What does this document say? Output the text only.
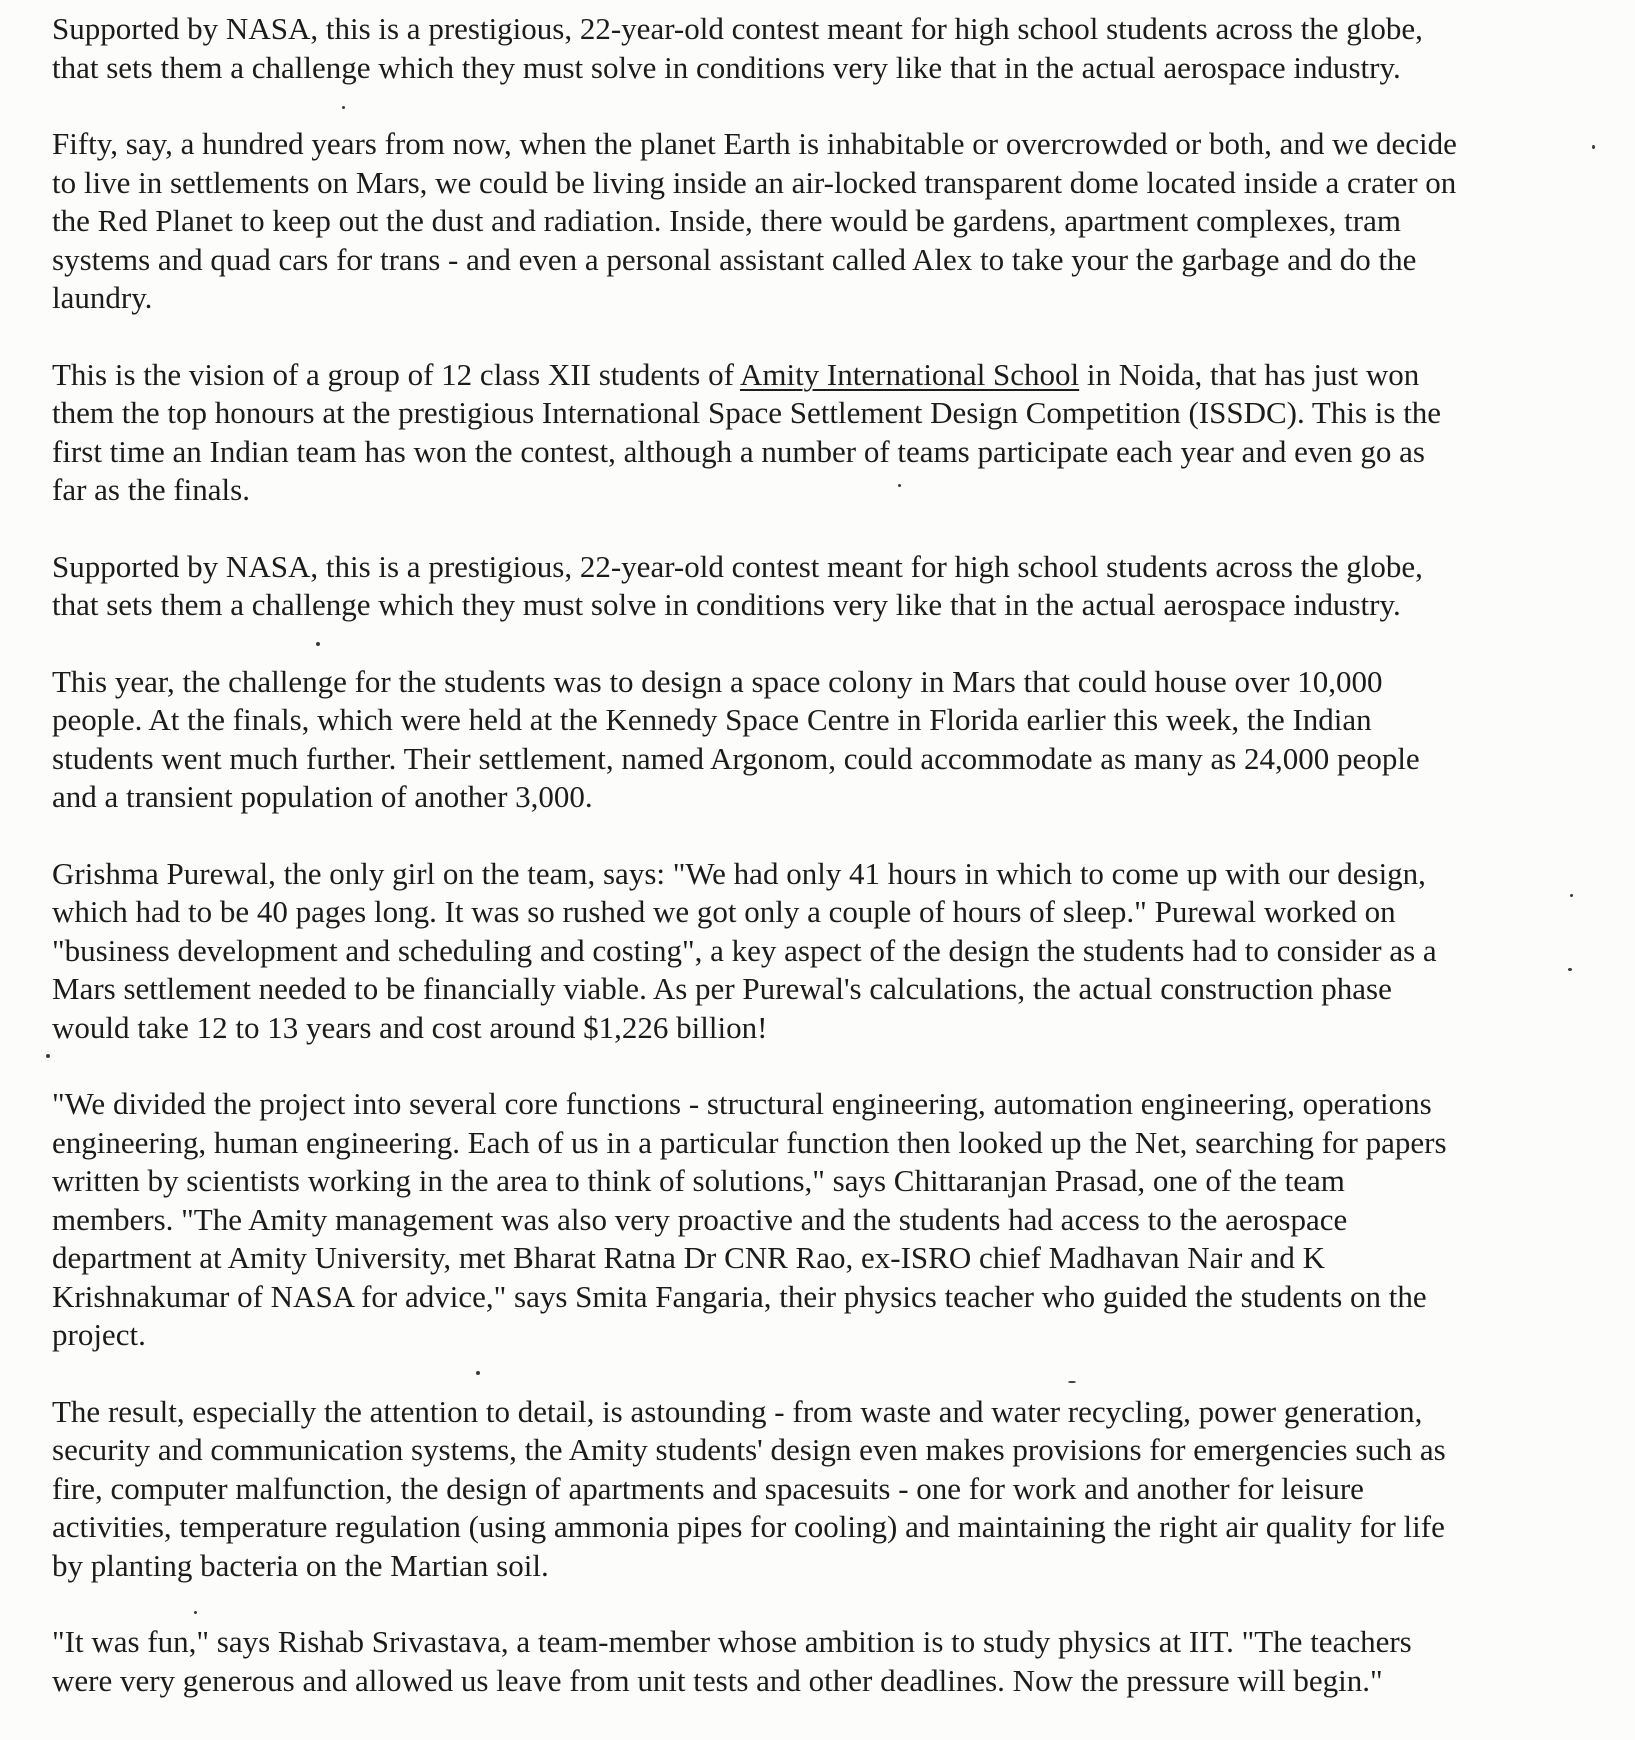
Supported by NASA, this is a prestigious, 22-year-old contest meant for high school students across the globe,
that sets them a challenge which they must solve in conditions very like that in the actual aerospace industry.

Fifty, say, a hundred years from now, when the planet Earth is inhabitable or overcrowded or both, and we decide
to live in settlements on Mars, we could be living inside an air-locked transparent dome located inside a crater on
the Red Planet to keep out the dust and radiation. Inside, there would be gardens, apartment complexes, tram
systems and quad cars for trans - and even a personal assistant called Alex to take your the garbage and do the
laundry.

This is the vision of a group of 12 class XII students of Amity International School in Noida, that has just won
them the top honours at the prestigious International Space Settlement Design Competition (ISSDC). This is the
first time an Indian team has won the contest, although a number of teams participate each year and even go as
far as the finals.

Supported by NASA, this is a prestigious, 22-year-old contest meant for high school students across the globe,
that sets them a challenge which they must solve in conditions very like that in the actual aerospace industry.

This year, the challenge for the students was to design a space colony in Mars that could house over 10,000
people. At the finals, which were held at the Kennedy Space Centre in Florida earlier this week, the Indian
students went much further. Their settlement, named Argonom, could accommodate as many as 24,000 people
and a transient population of another 3,000.

Grishma Purewal, the only girl on the team, says: "We had only 41 hours in which to come up with our design,
which had to be 40 pages long. It was so rushed we got only a couple of hours of sleep." Purewal worked on
"business development and scheduling and costing", a key aspect of the design the students had to consider as a
Mars settlement needed to be financially viable. As per Purewal's calculations, the actual construction phase
would take 12 to 13 years and cost around $1,226 billion!

"We divided the project into several core functions - structural engineering, automation engineering, operations
engineering, human engineering. Each of us in a particular function then looked up the Net, searching for papers
written by scientists working in the area to think of solutions," says Chittaranjan Prasad, one of the team
members. "The Amity management was also very proactive and the students had access to the aerospace
department at Amity University, met Bharat Ratna Dr CNR Rao, ex-ISRO chief Madhavan Nair and K
Krishnakumar of NASA for advice," says Smita Fangaria, their physics teacher who guided the students on the
project.

The result, especially the attention to detail, is astounding - from waste and water recycling, power generation,
security and communication systems, the Amity students' design even makes provisions for emergencies such as
fire, computer malfunction, the design of apartments and spacesuits - one for work and another for leisure
activities, temperature regulation (using ammonia pipes for cooling) and maintaining the right air quality for life
by planting bacteria on the Martian soil.

"It was fun," says Rishab Srivastava, a team-member whose ambition is to study physics at IIT. "The teachers
were very generous and allowed us leave from unit tests and other deadlines. Now the pressure will begin."
